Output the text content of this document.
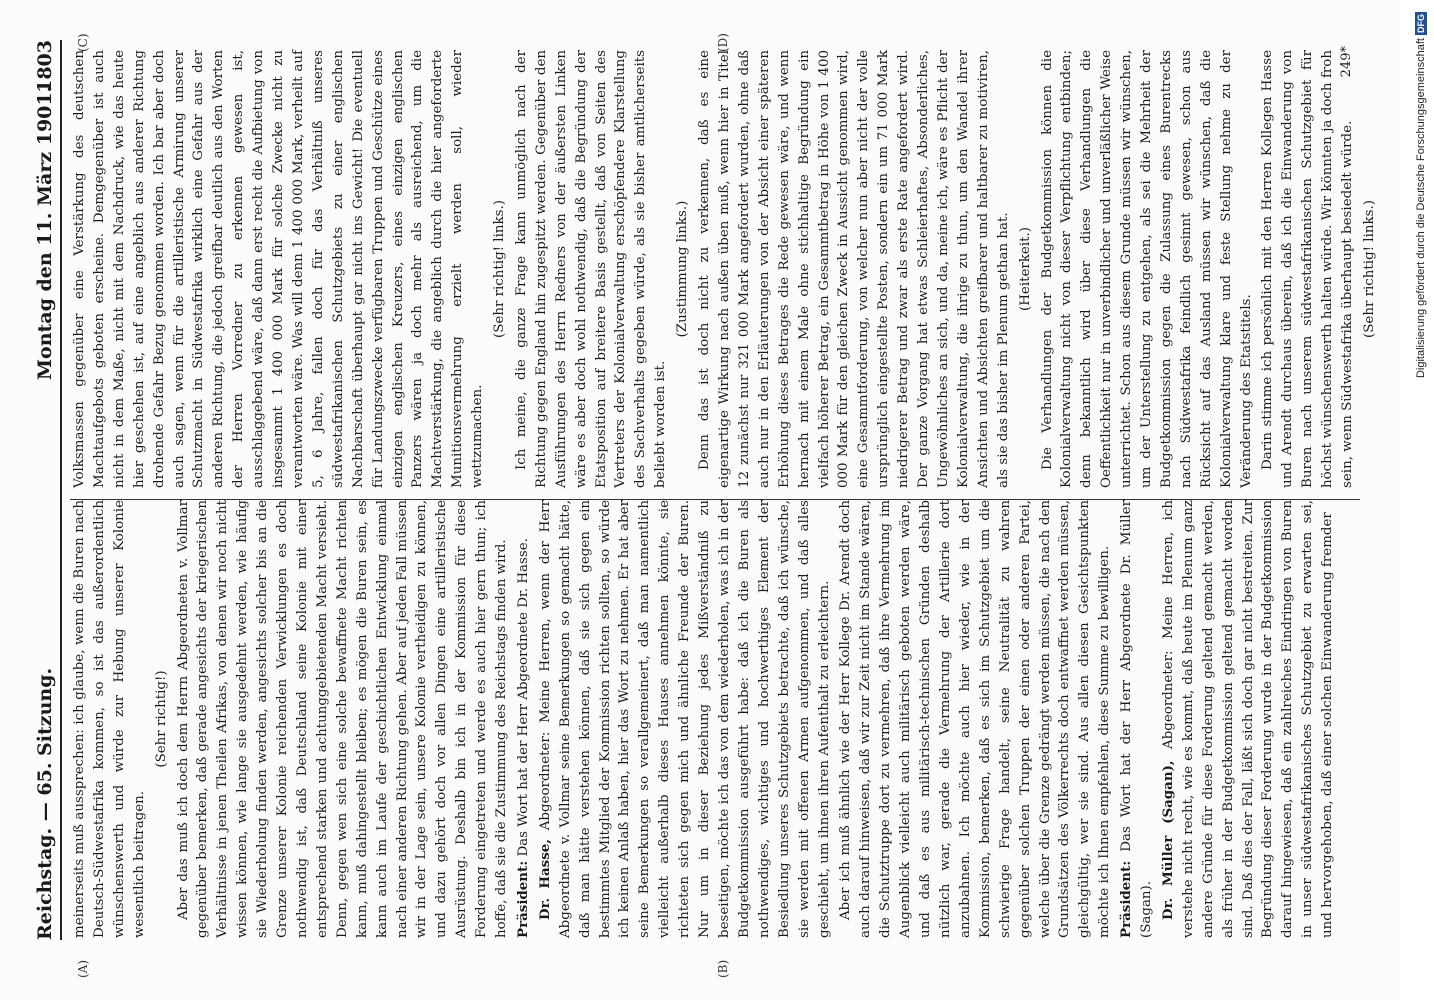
Reichstag. — 65. Sitzung.
Montag den 11. März 1901.
1803
(A)	(B)
(C)	(D)

meinerseits muß aussprechen: ich glaube, wenn die Buren nach Deutsch-Südwestafrika kommen, so ist das außerordentlich wünschenswerth und würde zur Hebung unserer Kolonie wesentlich beitragen.

(Sehr richtig!) Aber das muß ich doch dem Herrn Abgeordneten v. Vollmar gegenüber bemerken, daß gerade angesichts der kriegerischen Verhältnisse in jenen Theilen Afrikas, von denen wir noch nicht wissen können, wie lange sie ausgedehnt werden, wie häufig sie Wiederholung finden werden, angesichts solcher bis an die Grenze unserer Kolonie reichenden Verwicklungen es doch nothwendig ist, daß Deutschland seine Kolonie mit einer entsprechend starken und achtunggebietenden Macht versieht. Denn, gegen wen sich eine solche bewaffnete Macht richten kann, muß dahingestellt bleiben; es mögen die Buren sein, es kann auch im Laufe der geschichtlichen Entwicklung einmal nach einer anderen Richtung gehen. Aber auf jeden Fall müssen wir in der Lage sein, unsere Kolonie vertheidigen zu können, und dazu gehört doch vor allen Dingen eine artilleristische Ausrüstung. Deshalb bin ich in der Kommission für diese Forderung eingetreten und werde es auch hier gern thun; ich hoffe, daß sie die Zustimmung des Reichstags finden wird. Präsident: Das Wort hat der Herr Abgeordnete Dr. Hasse.

Dr. Hasse, Abgeordneter: Meine Herren, wenn der Herr Abgeordnete v. Vollmar seine Bemerkungen so gemacht hätte, daß man hätte verstehen können, daß sie sich gegen ein bestimmtes Mitglied der Kommission richten sollten, so würde ich keinen Anlaß haben, hier das Wort zu nehmen. Er hat aber seine Bemerkungen so verallgemeinert, daß man namentlich vielleicht außerhalb dieses Hauses annehmen könnte, sie richteten sich gegen mich und ähnliche Freunde der Buren. Nur um in dieser Beziehung jedes Mißverständniß zu beseitigen, möchte ich das von dem wiederholen, was ich in der Budgetkommission ausgeführt habe: daß ich die Buren als nothwendiges, wichtiges und hochwerthiges Element der Besiedlung unseres Schutzgebiets betrachte, daß ich wünsche, sie werden mit offenen Armen aufgenommen, und daß alles geschieht, um ihnen ihren Aufenthalt zu erleichtern. Aber ich muß ähnlich wie der Herr Kollege Dr. Arendt doch auch darauf hinweisen, daß wir zur Zeit nicht im Stande wären, die Schutztruppe dort zu vermehren, daß ihre Vermehrung im Augenblick vielleicht auch militärisch geboten werden wäre, und daß es aus militärisch-technischen Gründen deshalb nützlich war, gerade die Vermehrung der Artillerie dort anzubahnen. Ich möchte auch hier wieder, wie in der Kommission, bemerken, daß es sich im Schutzgebiet um die schwierige Frage handelt, seine Neutralität zu wahren gegenüber solchen Truppen der einen oder anderen Partei, welche über die Grenze gedrängt werden müssen, die nach den Grundsätzen des Völkerrechts doch entwaffnet werden müssen, gleichgültig, wer sie sind. Aus allen diesen Gesichtspunkten möchte ich Ihnen empfehlen, diese Summe zu bewilligen. Präsident: Das Wort hat der Herr Abgeordnete Dr. Müller (Sagan). Dr. Müller (Sagan), Abgeordneter: Meine Herren, ich verstehe nicht recht, wie es kommt, daß heute im Plenum ganz andere Gründe für diese Forderung geltend gemacht werden, als früher in der Budgetkommission geltend gemacht worden sind. Daß dies der Fall, läßt sich doch gar nicht bestreiten. Zur Begründung dieser Forderung wurde in der Budgetkommission darauf hingewiesen, daß ein zahlreiches Eindringen von Buren in unser südwestafrikanisches Schutzgebiet zu erwarten sei, und hervorgehoben, daß einer solchen Einwanderung fremder

Volksmassen gegenüber eine Verstärkung des deutschen Machtaufgebots geboten erscheine. Demgegenüber ist auch nicht in dem Maße, nicht mit dem Nachdruck, wie das heute hier geschehen ist, auf eine angeblich aus anderer Richtung drohende Gefahr Bezug genommen worden. Ich bar aber doch auch sagen, wenn für die artilleristische Armirung unserer Schutzmacht in Südwestafrika wirklich eine Gefahr aus der anderen Richtung, die jedoch greifbar deutlich aus den Worten der Herren Vorredner zu erkennen gewesen ist, ausschlaggebend wäre, daß dann erst recht die Aufbietung von insgesammt 1 400 000 Mark für solche Zwecke nicht zu verantworten wäre. Was will denn 1 400 000 Mark, verheilt auf 5, 6 Jahre, fallen doch für das Verhältniß unseres südwestafrikanischen Schutzgebiets zu einer englischen Nachbarschaft überhaupt gar nicht ins Gewicht! Die eventuell für Landungszwecke verfügbaren Truppen und Geschütze eines einzigen englischen Kreuzers, eines einzigen englischen Panzers wären ja doch mehr als ausreichend, um die Machtverstärkung, die angeblich durch die hier angeforderte Munitionsvermehrung erzielt werden soll, wieder wettzumachen.

(Sehr richtig! links.) Ich meine, die ganze Frage kann unmöglich nach der Richtung gegen England hin zugespitzt werden. Gegenüber den Ausführungen des Herrn Redners von der äußersten Linken wäre es aber doch wohl nothwendig, daß die Begründung der Etatsposition auf breitere Basis gestellt, daß von Seiten des Vertreters der Kolonialverwaltung erschöpfendere Klarstellung des Sachverhalts gegeben würde, als sie bisher amtlicherseits beliebt worden ist.

(Zustimmung links.) Denn das ist doch nicht zu verkennen, daß es eine eigenartige Wirkung nach außen üben muß, wenn hier in Titel 12 zunächst nur 321 000 Mark angefordert wurden, ohne daß auch nur in den Erläuterungen von der Absicht einer späteren Erhöhung dieses Betrages die Rede gewesen wäre, und wenn hernach mit einem Male ohne stichhaltige Begründung ein vielfach höherer Betrag, ein Gesammtbetrag in Höhe von 1 400 000 Mark für den gleichen Zweck in Aussicht genommen wird, eine Gesammtforderung, von welcher nun aber nicht der volle ursprünglich eingestellte Posten, sondern ein um 71 000 Mark niedrigerer Betrag und zwar als erste Rate angefordert wird. Der ganze Vorgang hat etwas Schleierhaftes, Absonderliches, Ungewöhnliches an sich, und da, meine ich, wäre es Pflicht der Kolonialverwaltung, die ihrige zu thun, um den Wandel ihrer Ansichten und Absichten greifbarer und haltbarer zu motiviren, als sie das bisher im Plenum gethan hat. (Heiterkeit.) Die Verhandlungen der Budgetkommission können die Kolonialverwaltung nicht von dieser Verpflichtung entbinden; denn bekanntlich wird über diese Verhandlungen die Oeffentlichkeit nur in unverbindlicher und unverläßlicher Weise unterrichtet. Schon aus diesem Grunde müssen wir wünschen, um der Unterstellung zu entgehen, als sei die Mehrheit der Budgetkommission gegen die Zulassung eines Burentrecks nach Südwestafrika feindlich gesinnt gewesen, schon aus Rücksicht auf das Ausland müssen wir wünschen, daß die Kolonialverwaltung klare und feste Stellung nehme zu der Veränderung des Etatstitels. Darin stimme ich persönlich mit den Herren Kollegen Hasse und Arendt durchaus überein, daß ich die Einwanderung von Buren nach unserem südwestafrikanischen Schutzgebiet für höchst wünschenswerth halten würde. Wir könnten ja doch froh sein, wenn Südwestafrika überhaupt besiedelt würde. (Sehr richtig! links.)

249*	Digitalisierung gefördert durch die Deutsche Forschungsgemeinschaft DFG
